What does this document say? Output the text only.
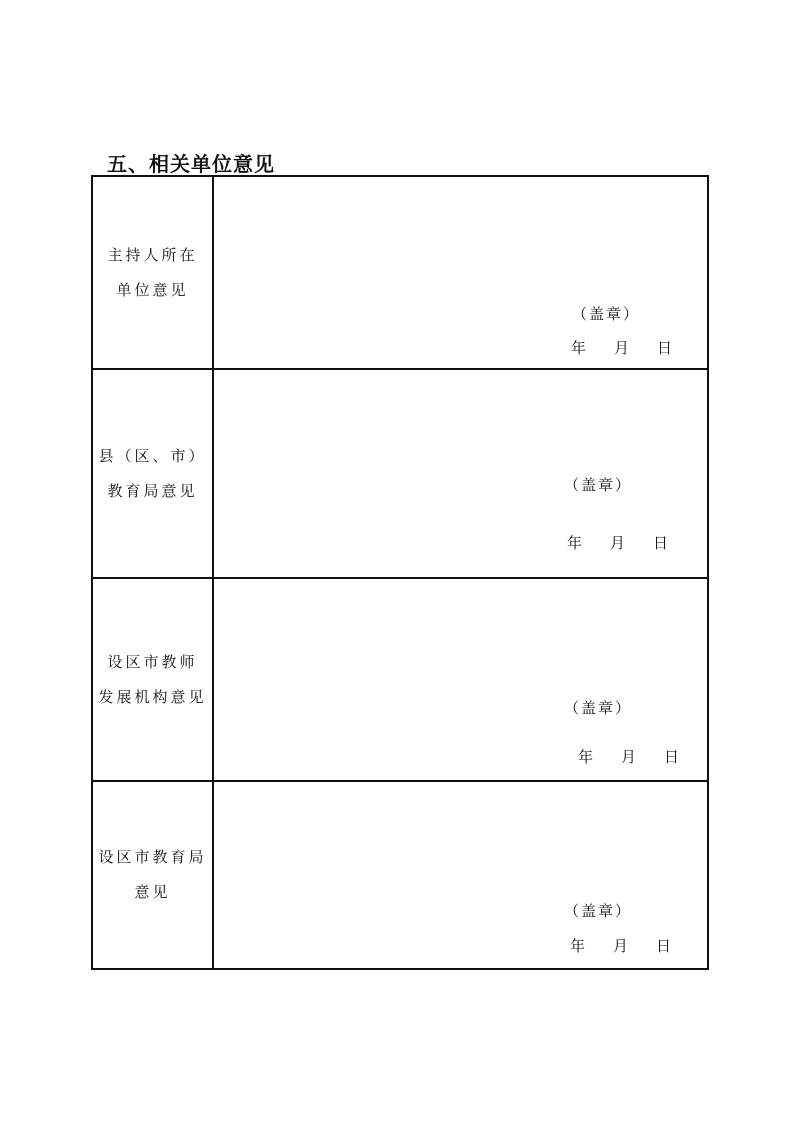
五、相关单位意见
主持人所在
单位意见	（盖章）
年 月 日

县（区、市）
教育局意见	（盖章）
年 月 日

设区市教师
发展机构意见	（盖章）
年 月 日

设区市教育局
意见	（盖章）
年 月 日
